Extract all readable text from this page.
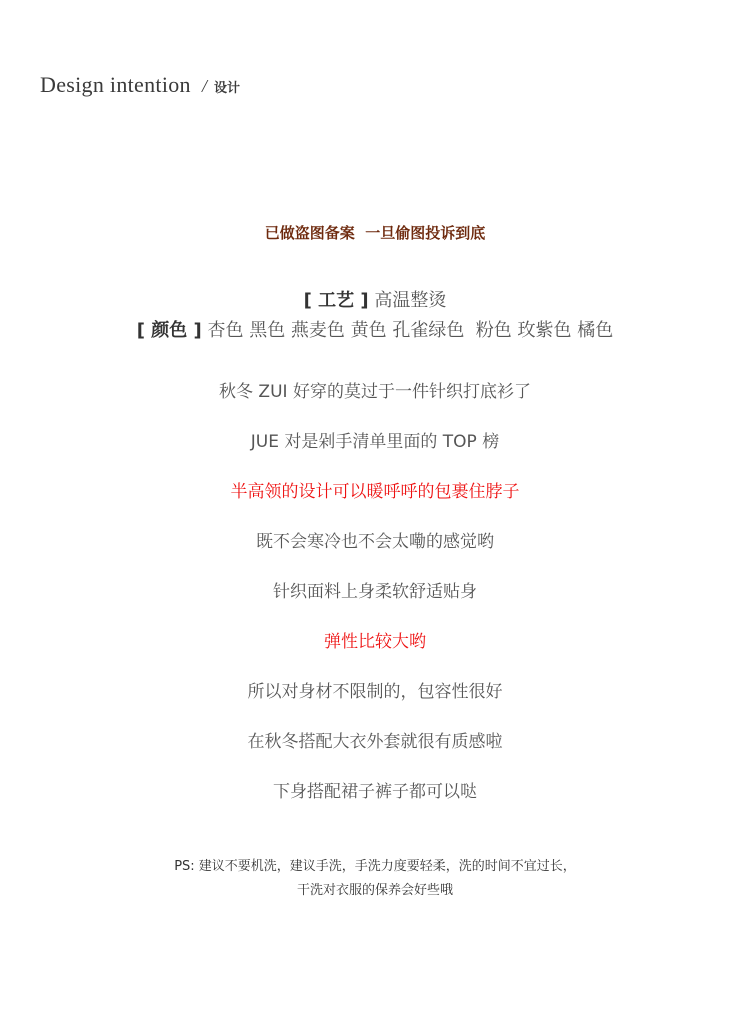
Design intention / 设计
已做盗图备案  一旦偷图投诉到底
[ 工艺 ] 高温整烫
[ 颜色 ] 杏色 黑色 燕麦色 黄色 孔雀绿色  粉色 玫紫色 橘色
秋冬 ZUI 好穿的莫过于一件针织打底衫了
JUE 对是剁手清单里面的 TOP 榜
半高领的设计可以暖呼呼的包裹住脖子
既不会寒冷也不会太嘞的感觉哟
针织面料上身柔软舒适贴身
弹性比较大哟
所以对身材不限制的，包容性很好
在秋冬搭配大衣外套就很有质感啦
下身搭配裙子裤子都可以哒
PS: 建议不要机洗，建议手洗，手洗力度要轻柔，洗的时间不宜过长，
干洗对衣服的保养会好些哦
